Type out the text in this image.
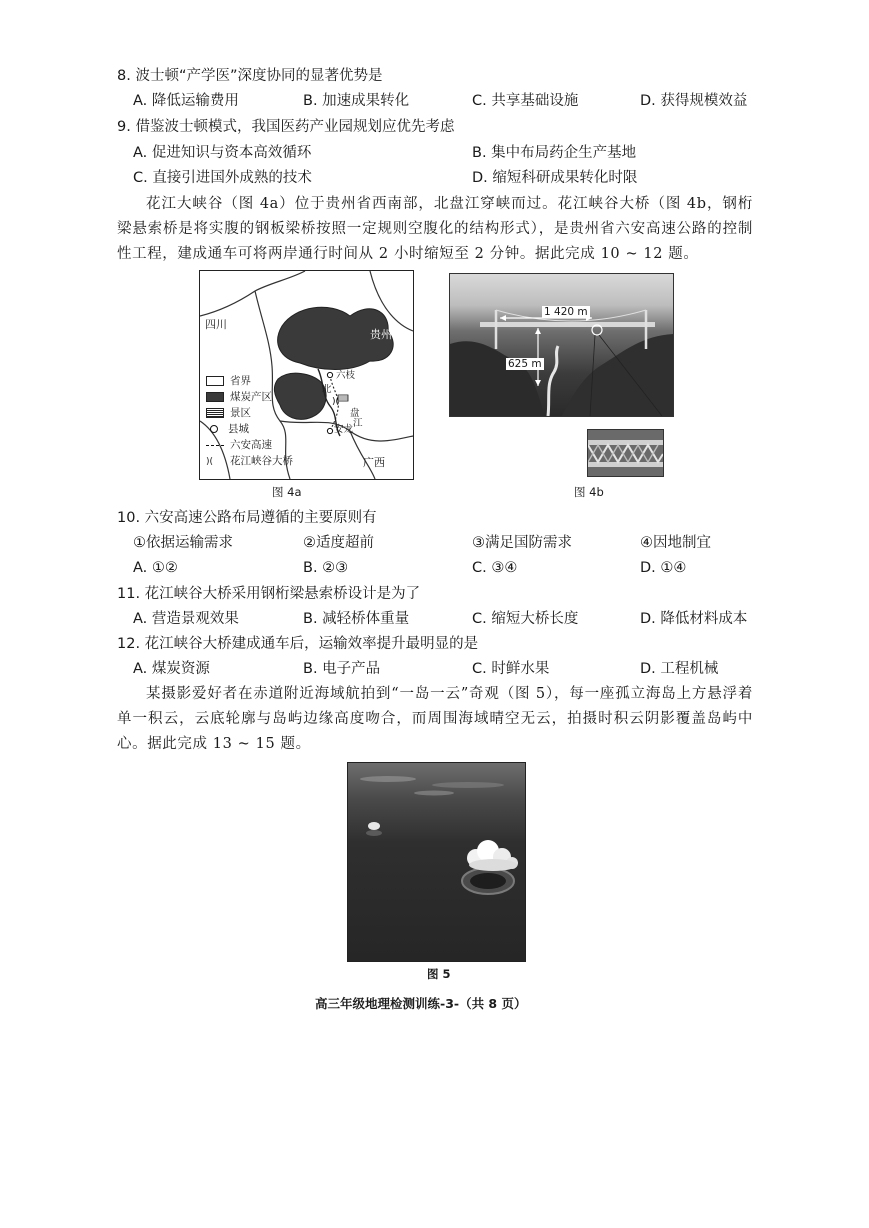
8. 波士顿“产学医”深度协同的显著优势是
A. 降低运输费用	B. 加速成果转化	C. 共享基础设施	D. 获得规模效益
9. 借鉴波士顿模式，我国医药产业园规划应优先考虑
A. 促进知识与资本高效循环	B. 集中布局药企生产基地
C. 直接引进国外成熟的技术	D. 缩短科研成果转化时限
花江大峡谷（图 4a）位于贵州省西南部，北盘江穿峡而过。花江峡谷大桥（图 4b，钢桁梁悬索桥是将实腹的钢板梁桥按照一定规则空腹化的结构形式），是贵州省六安高速公路的控制性工程，建成通车可将两岸通行时间从 2 小时缩短至 2 分钟。据此完成 10 ~ 12 题。
)(
四川
贵州
广西
六枝
安龙
北
盘
江
省界
煤炭产区
景区
县城
六安高速
)( 花江峡谷大桥
图 4a
1 420 m
625 m
图 4b
10. 六安高速公路布局遵循的主要原则有
①依据运输需求	②适度超前	③满足国防需求	④因地制宜
A. ①②	B. ②③	C. ③④	D. ①④
11. 花江峡谷大桥采用钢桁梁悬索桥设计是为了
A. 营造景观效果	B. 减轻桥体重量	C. 缩短大桥长度	D. 降低材料成本
12. 花江峡谷大桥建成通车后，运输效率提升最明显的是
A. 煤炭资源	B. 电子产品	C. 时鲜水果	D. 工程机械
某摄影爱好者在赤道附近海域航拍到“一岛一云”奇观（图 5），每一座孤立海岛上方悬浮着单一积云，云底轮廓与岛屿边缘高度吻合，而周围海域晴空无云，拍摄时积云阴影覆盖岛屿中心。据此完成 13 ~ 15 题。
图 5
高三年级地理检测训练-3-（共 8 页）
